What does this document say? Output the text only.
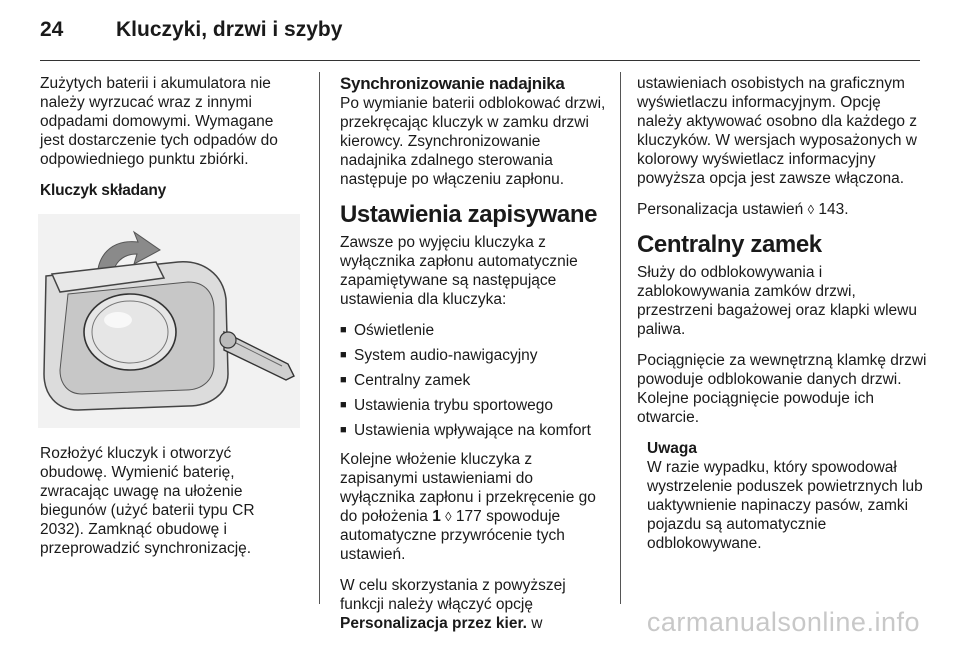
24	Kluczyki, drzwi i szyby

Zużytych baterii i akumulatora nie należy wyrzucać wraz z innymi odpadami domowymi. Wymagane jest dostarczenie tych odpadów do odpowiedniego punktu zbiórki.

Kluczyk składany

Rozłożyć kluczyk i otworzyć obudowę. Wymienić baterię, zwracając uwagę na ułożenie biegunów (użyć baterii typu CR 2032). Zamknąć obudowę i przeprowadzić synchronizację.

Synchronizowanie nadajnika

Po wymianie baterii odblokować drzwi, przekręcając kluczyk w zamku drzwi kierowcy. Zsynchronizowanie nadajnika zdalnego sterowania następuje po włączeniu zapłonu.

Ustawienia zapisywane

Zawsze po wyjęciu kluczyka z wyłącznika zapłonu automatycznie zapamiętywane są następujące ustawienia dla kluczyka:

■ Oświetlenie
■ System audio-nawigacyjny
■ Centralny zamek
■ Ustawienia trybu sportowego
■ Ustawienia wpływające na komfort

Kolejne włożenie kluczyka z zapisanymi ustawieniami do wyłącznika zapłonu i przekręcenie go do położenia 1 ◊ 177 spowoduje automatyczne przywrócenie tych ustawień.

W celu skorzystania z powyższej funkcji należy włączyć opcję Personalizacja przez kier. w

ustawieniach osobistych na graficznym wyświetlaczu informacyjnym. Opcję należy aktywować osobno dla każdego z kluczyków. W wersjach wyposażonych w kolorowy wyświetlacz informacyjny powyższa opcja jest zawsze włączona.

Personalizacja ustawień ◊ 143.

Centralny zamek

Służy do odblokowywania i zablokowywania zamków drzwi, przestrzeni bagażowej oraz klapki wlewu paliwa.

Pociągnięcie za wewnętrzną klamkę drzwi powoduje odblokowanie danych drzwi. Kolejne pociągnięcie powoduje ich otwarcie.

Uwaga
W razie wypadku, który spowodował wystrzelenie poduszek powietrznych lub uaktywnienie napinaczy pasów, zamki pojazdu są automatycznie odblokowywane.
carmanualsonline.info
